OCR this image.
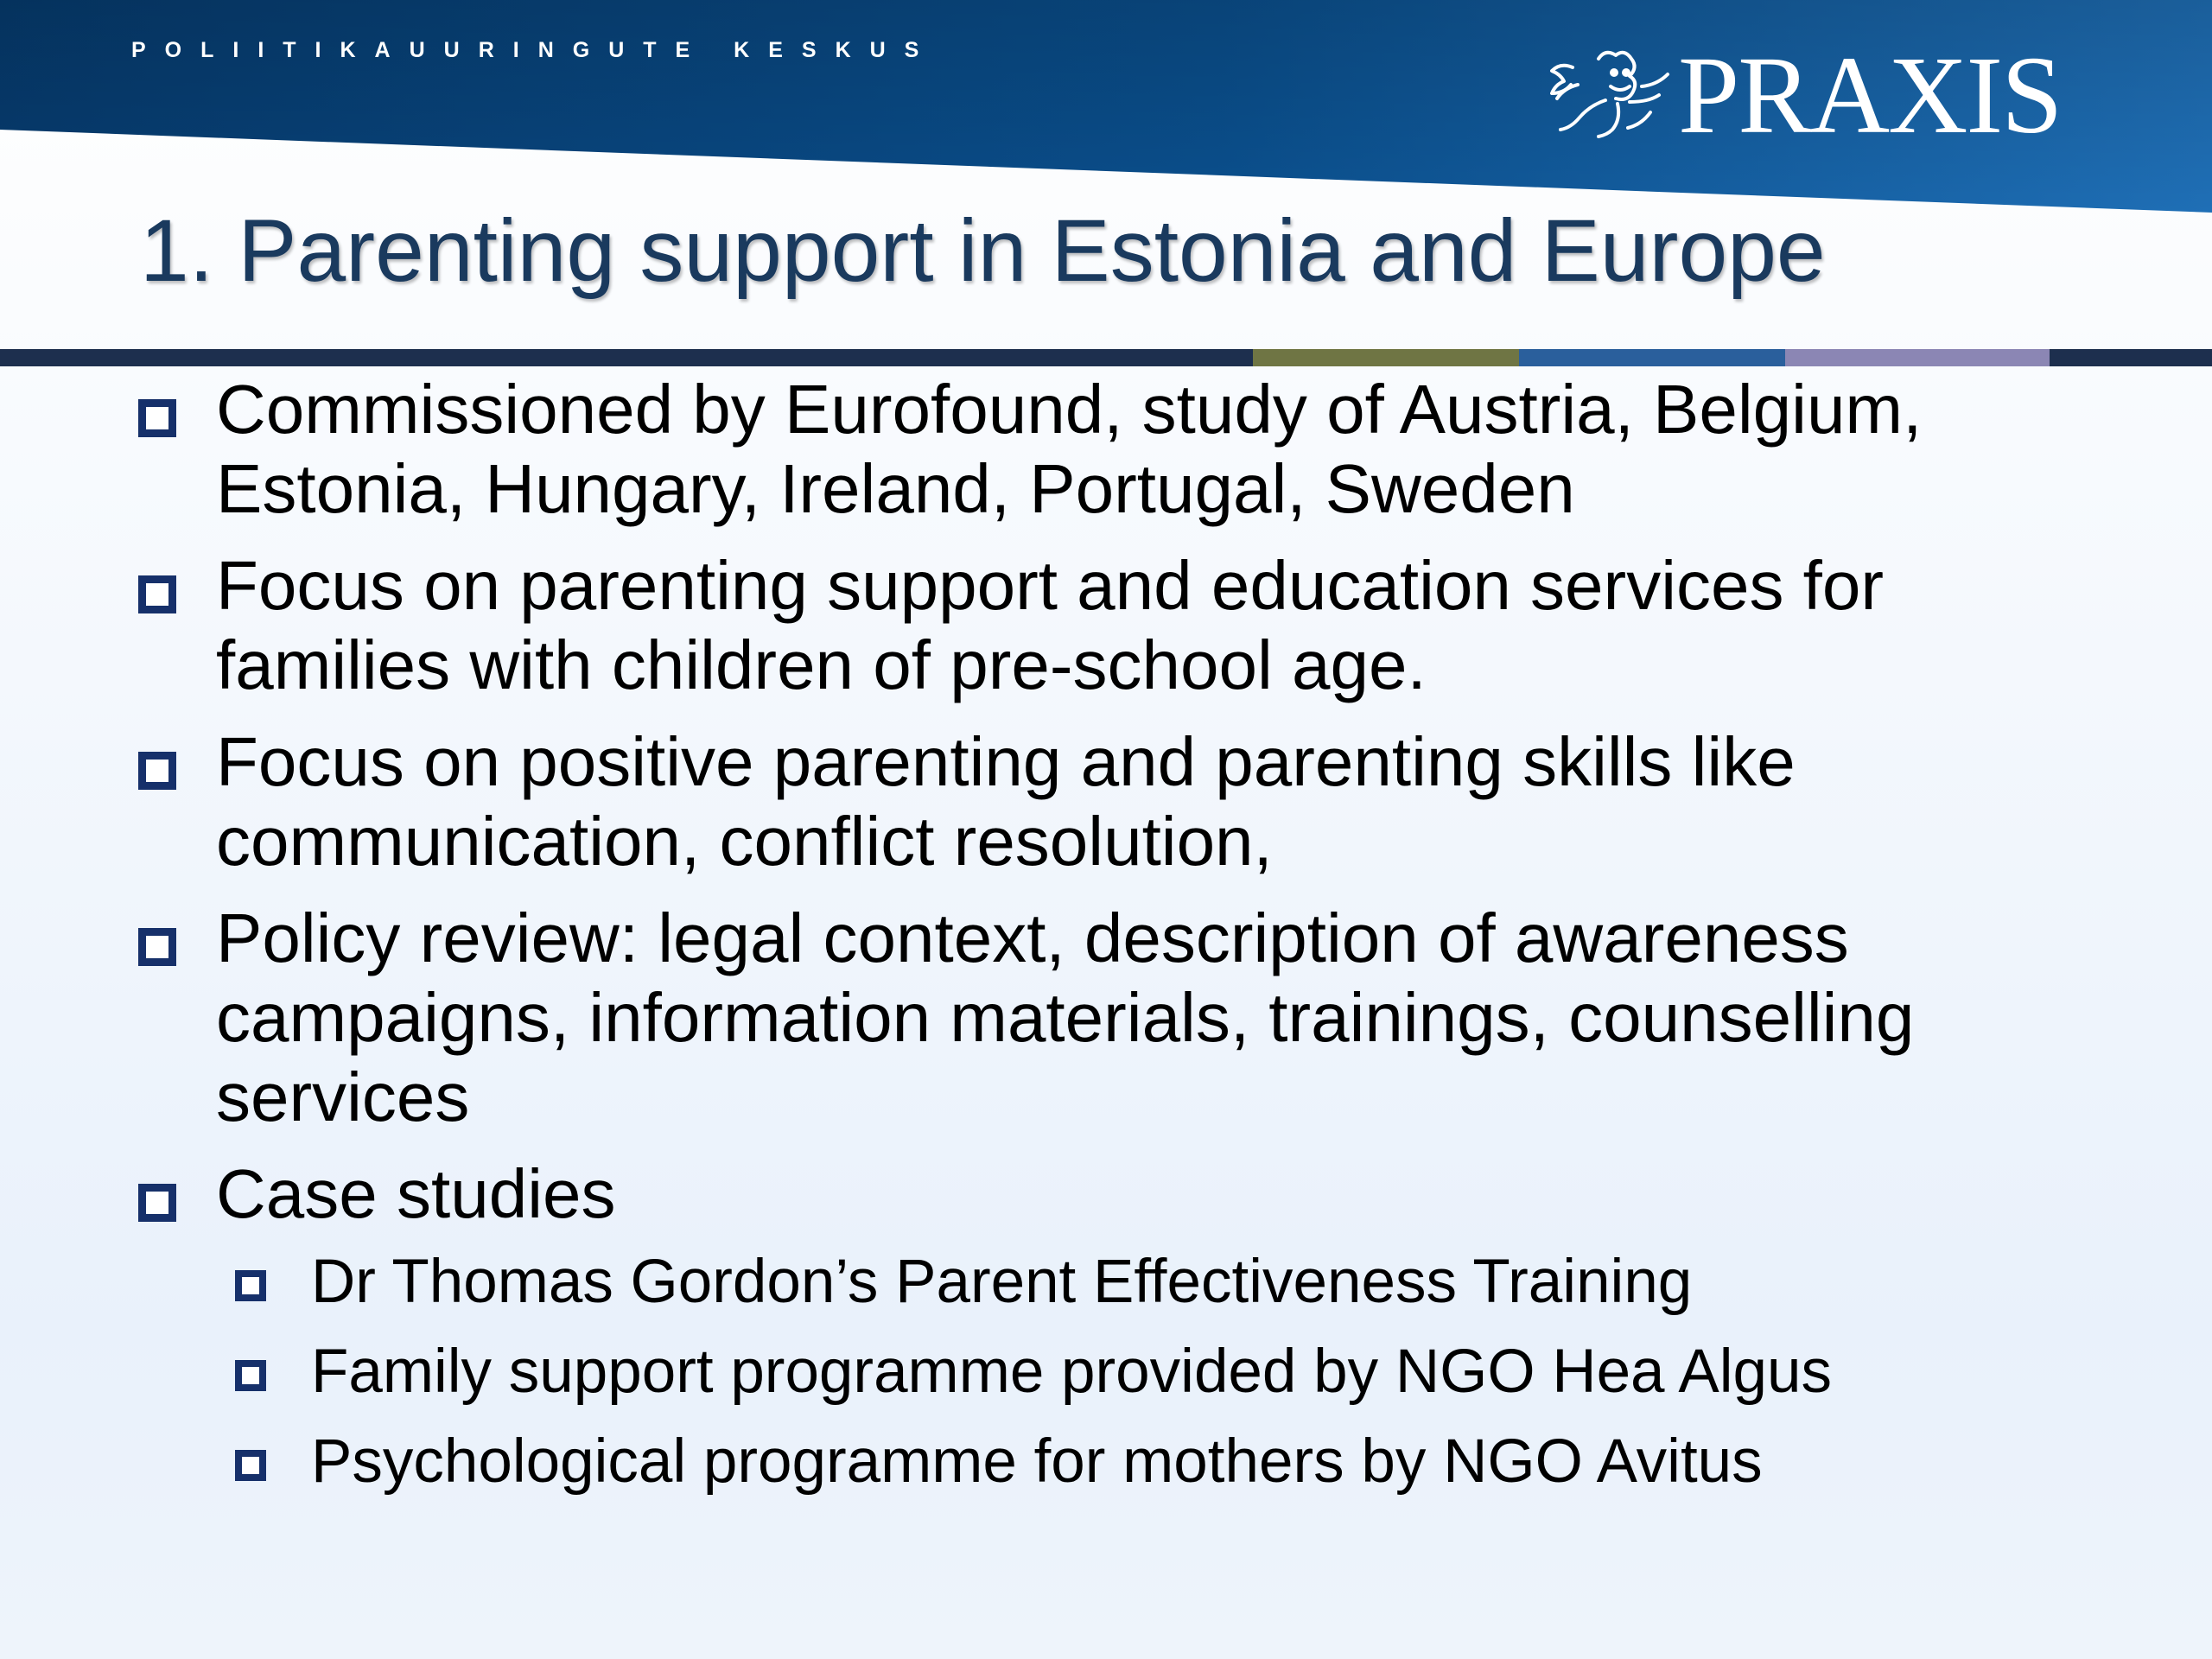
POLIITIKAUURINGUTE KESKUS	PRAXIS
1. Parenting support in Estonia and Europe
Commissioned by Eurofound, study of Austria, Belgium, Estonia, Hungary, Ireland, Portugal, Sweden
Focus on parenting support and education services for families with children of pre-school age.
Focus on positive parenting and parenting skills like communication, conflict resolution,
Policy review: legal context, description of awareness campaigns, information materials, trainings, counselling services
Case studies
Dr Thomas Gordon’s Parent Effectiveness Training
Family support programme provided by NGO Hea Algus
Psychological programme for mothers by NGO Avitus
